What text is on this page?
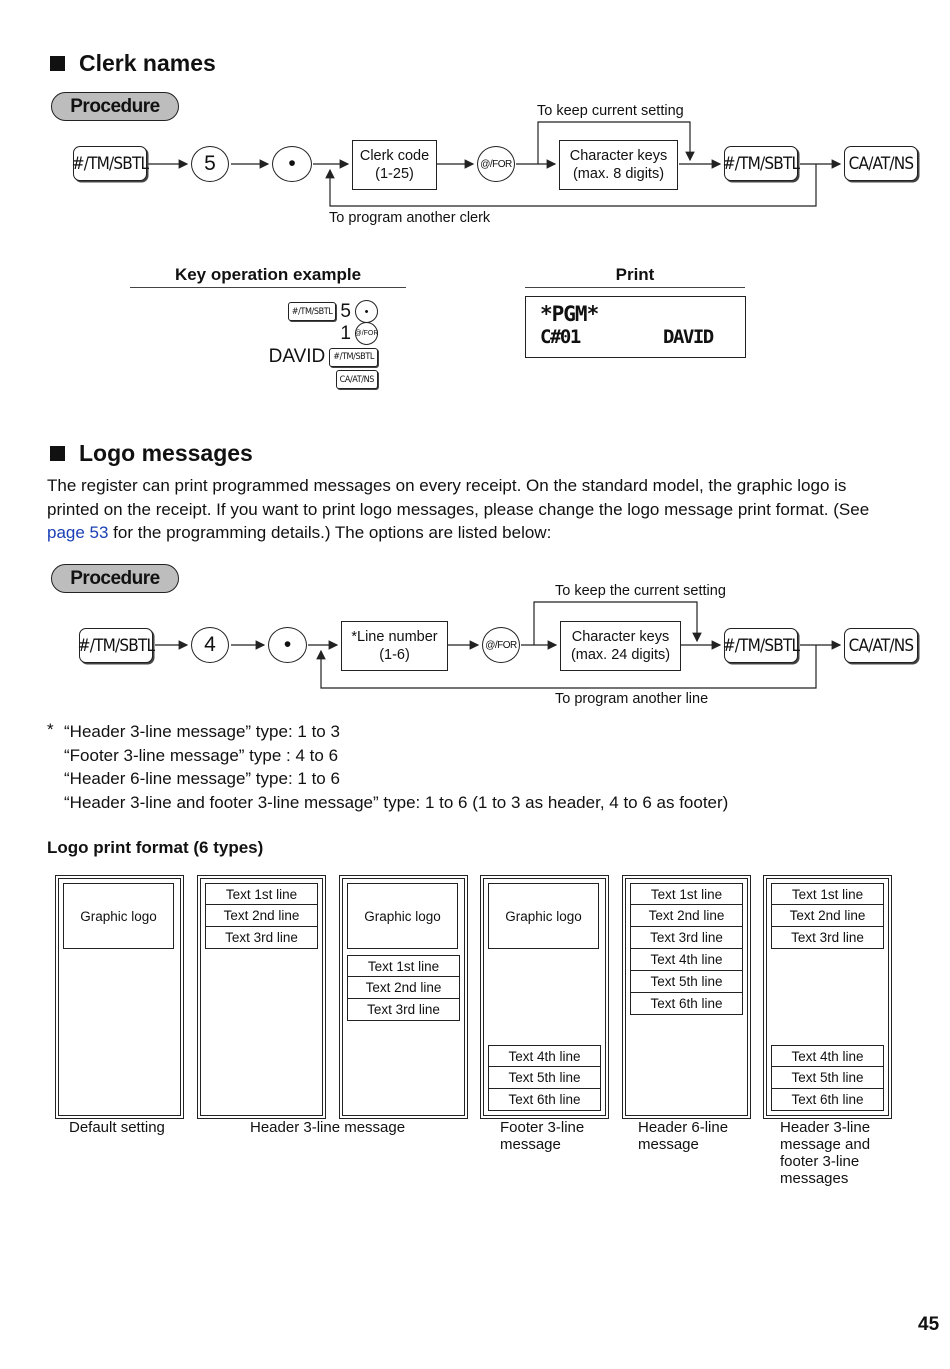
Clerk names
Procedure
#/TM/SBTL	5	•	Clerk code
(1-25)
@/FOR	Character keys
(max. 8 digits)
#/TM/SBTL	CA/AT/NS
To keep current setting
To program another clerk
Key operation example
#/TM/SBTL 5	•
1 @/FOR
DAVID #/TM/SBTL
CA/AT/NS
Print
*PGM*
C#01	DAVID
Logo messages
The register can print programmed messages on every receipt. On the standard model, the graphic logo is
printed on the receipt. If you want to print logo messages, please change the logo message print format. (See
page 53 for the programming details.) The options are listed below:
Procedure
#/TM/SBTL	4	•	*Line number
(1-6)
@/FOR	Character keys
(max. 24 digits)	#/TM/SBTL	CA/AT/NS
To keep the current setting
To program another line
* “Header 3-line message” type: 1 to 3
“Footer 3-line message” type : 4 to 6
“Header 6-line message” type: 1 to 6
“Header 3-line and footer 3-line message” type: 1 to 6 (1 to 3 as header, 4 to 6 as footer)
Logo print format (6 types)
Graphic logo
Text 1st line
Text 2nd line
Text 3rd line
Graphic logo
Text 1st line
Text 2nd line
Text 3rd line
Graphic logo
Text 4th line
Text 5th line
Text 6th line
Text 1st line
Text 2nd line
Text 3rd line
Text 4th line
Text 5th line
Text 6th line
Text 1st line
Text 2nd line
Text 3rd line
Text 4th line
Text 5th line
Text 6th line
Default setting	Header 3-line message	Footer 3-line
message
Header 6-line
message
Header 3-line
message and
footer 3-line
messages
45
